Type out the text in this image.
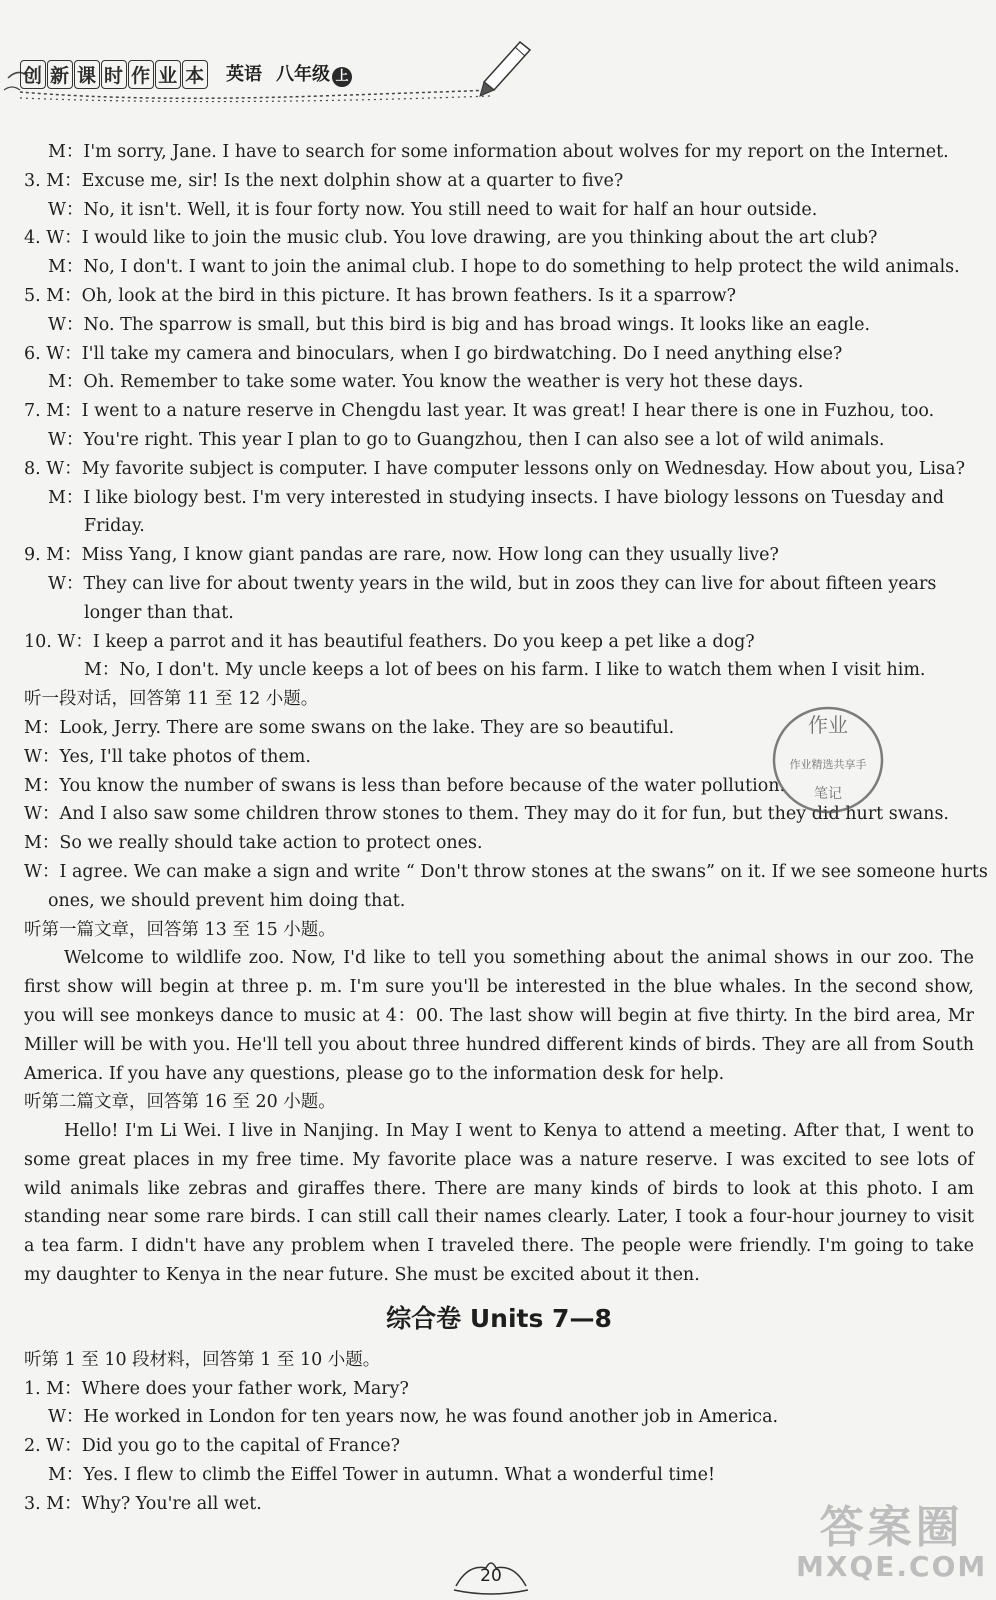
创 新 课 时 作 业 本 英语 八年级 上
M：I'm sorry, Jane. I have to search for some information about wolves for my report on the Internet.
3. M：Excuse me, sir! Is the next dolphin show at a quarter to five?
W：No, it isn't. Well, it is four forty now. You still need to wait for half an hour outside.
4. W：I would like to join the music club. You love drawing, are you thinking about the art club?
M：No, I don't. I want to join the animal club. I hope to do something to help protect the wild animals.
5. M：Oh, look at the bird in this picture. It has brown feathers. Is it a sparrow?
W：No. The sparrow is small, but this bird is big and has broad wings. It looks like an eagle.
6. W：I'll take my camera and binoculars, when I go birdwatching. Do I need anything else?
M：Oh. Remember to take some water. You know the weather is very hot these days.
7. M：I went to a nature reserve in Chengdu last year. It was great! I hear there is one in Fuzhou, too.
W：You're right. This year I plan to go to Guangzhou, then I can also see a lot of wild animals.
8. W：My favorite subject is computer. I have computer lessons only on Wednesday. How about you, Lisa?
M：I like biology best. I'm very interested in studying insects. I have biology lessons on Tuesday and
Friday.
9. M：Miss Yang, I know giant pandas are rare, now. How long can they usually live?
W：They can live for about twenty years in the wild, but in zoos they can live for about fifteen years
longer than that.
10. W：I keep a parrot and it has beautiful feathers. Do you keep a pet like a dog?
M：No, I don't. My uncle keeps a lot of bees on his farm. I like to watch them when I visit him.
听一段对话，回答第 11 至 12 小题。
M：Look, Jerry. There are some swans on the lake. They are so beautiful.
W：Yes, I'll take photos of them.
M：You know the number of swans is less than before because of the water pollution.
W：And I also saw some children throw stones to them. They may do it for fun, but they did hurt swans.
M：So we really should take action to protect ones.
W：I agree. We can make a sign and write “ Don't throw stones at the swans” on it. If we see someone hurts
ones, we should prevent him doing that.
听第一篇文章，回答第 13 至 15 小题。
Welcome to wildlife zoo. Now, I'd like to tell you something about the animal shows in our zoo. The first show will begin at three p. m. I'm sure you'll be interested in the blue whales. In the second show, you will see monkeys dance to music at 4：00. The last show will begin at five thirty. In the bird area, Mr Miller will be with you. He'll tell you about three hundred different kinds of birds. They are all from South America. If you have any questions, please go to the information desk for help.
听第二篇文章，回答第 16 至 20 小题。
Hello! I'm Li Wei. I live in Nanjing. In May I went to Kenya to attend a meeting. After that, I went to some great places in my free time. My favorite place was a nature reserve. I was excited to see lots of wild animals like zebras and giraffes there. There are many kinds of birds to look at this photo. I am standing near some rare birds. I can still call their names clearly. Later, I took a four-hour journey to visit a tea farm. I didn't have any problem when I traveled there. The people were friendly. I'm going to take my daughter to Kenya in the near future. She must be excited about it then.
综合卷 Units 7—8
听第 1 至 10 段材料，回答第 1 至 10 小题。
1. M：Where does your father work, Mary?
W：He worked in London for ten years now, he was found another job in America.
2. W：Did you go to the capital of France?
M：Yes. I flew to climb the Eiffel Tower in autumn. What a wonderful time!
3. M：Why? You're all wet.
作业
作业精选共享手
笔记
20
答案圈
MXQE.COM
